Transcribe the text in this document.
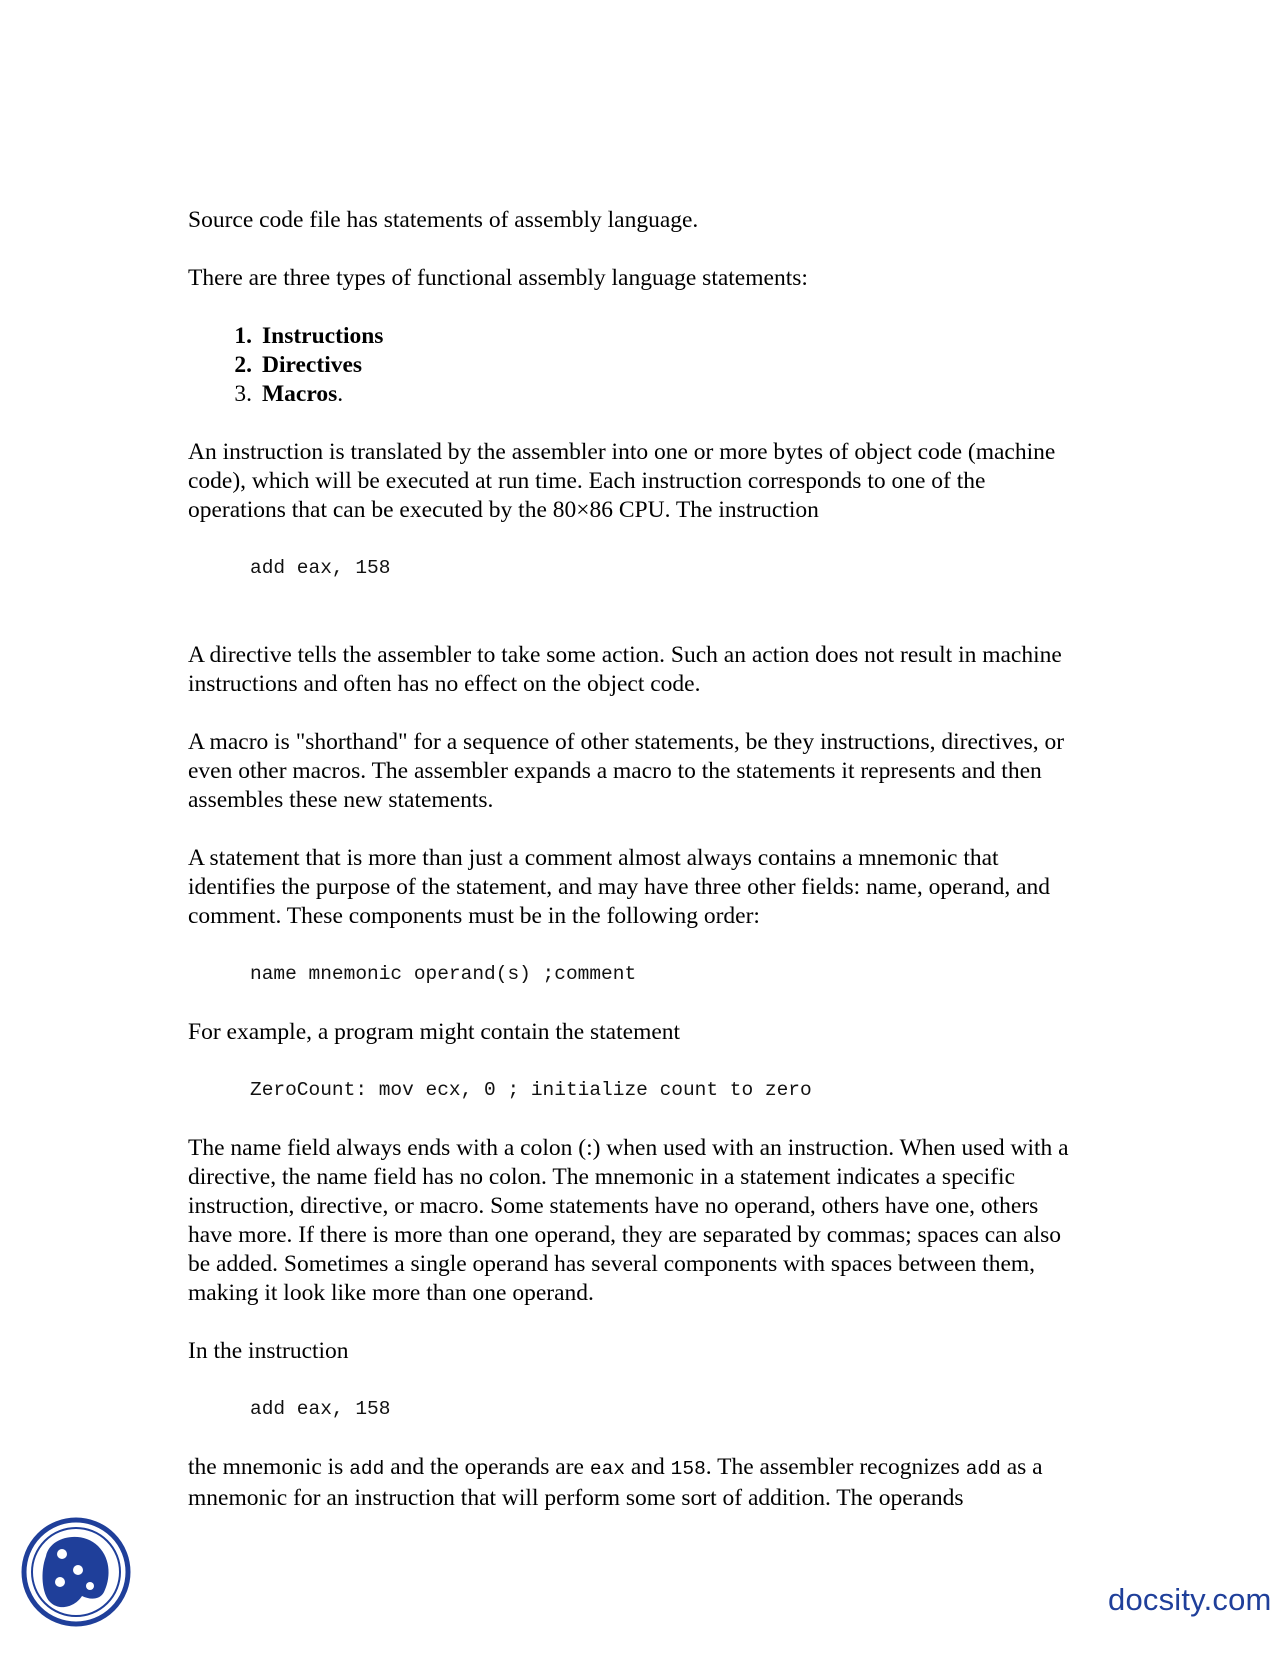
Source code file has statements of assembly language.

There are three types of functional assembly language statements:

1. Instructions
2. Directives
3. Macros .

An instruction is translated by the assembler into one or more bytes of object code (machine code), which will be executed at run time. Each instruction corresponds to one of the operations that can be executed by the 80×86 CPU. The instruction

add eax, 158

A directive tells the assembler to take some action. Such an action does not result in machine instructions and often has no effect on the object code.

A macro is "shorthand" for a sequence of other statements, be they instructions, directives, or even other macros. The assembler expands a macro to the statements it represents and then assembles these new statements.

A statement that is more than just a comment almost always contains a mnemonic that identifies the purpose of the statement, and may have three other fields: name, operand, and comment. These components must be in the following order:

name mnemonic operand(s) ;comment

For example, a program might contain the statement

ZeroCount: mov ecx, 0 ; initialize count to zero

The name field always ends with a colon (:) when used with an instruction. When used with a directive, the name field has no colon. The mnemonic in a statement indicates a specific instruction, directive, or macro. Some statements have no operand, others have one, others have more. If there is more than one operand, they are separated by commas; spaces can also be added. Sometimes a single operand has several components with spaces between them, making it look like more than one operand.

In the instruction

add eax, 158

the mnemonic is add and the operands are eax and 158. The assembler recognizes add as a mnemonic for an instruction that will perform some sort of addition. The operands

docsity.com
